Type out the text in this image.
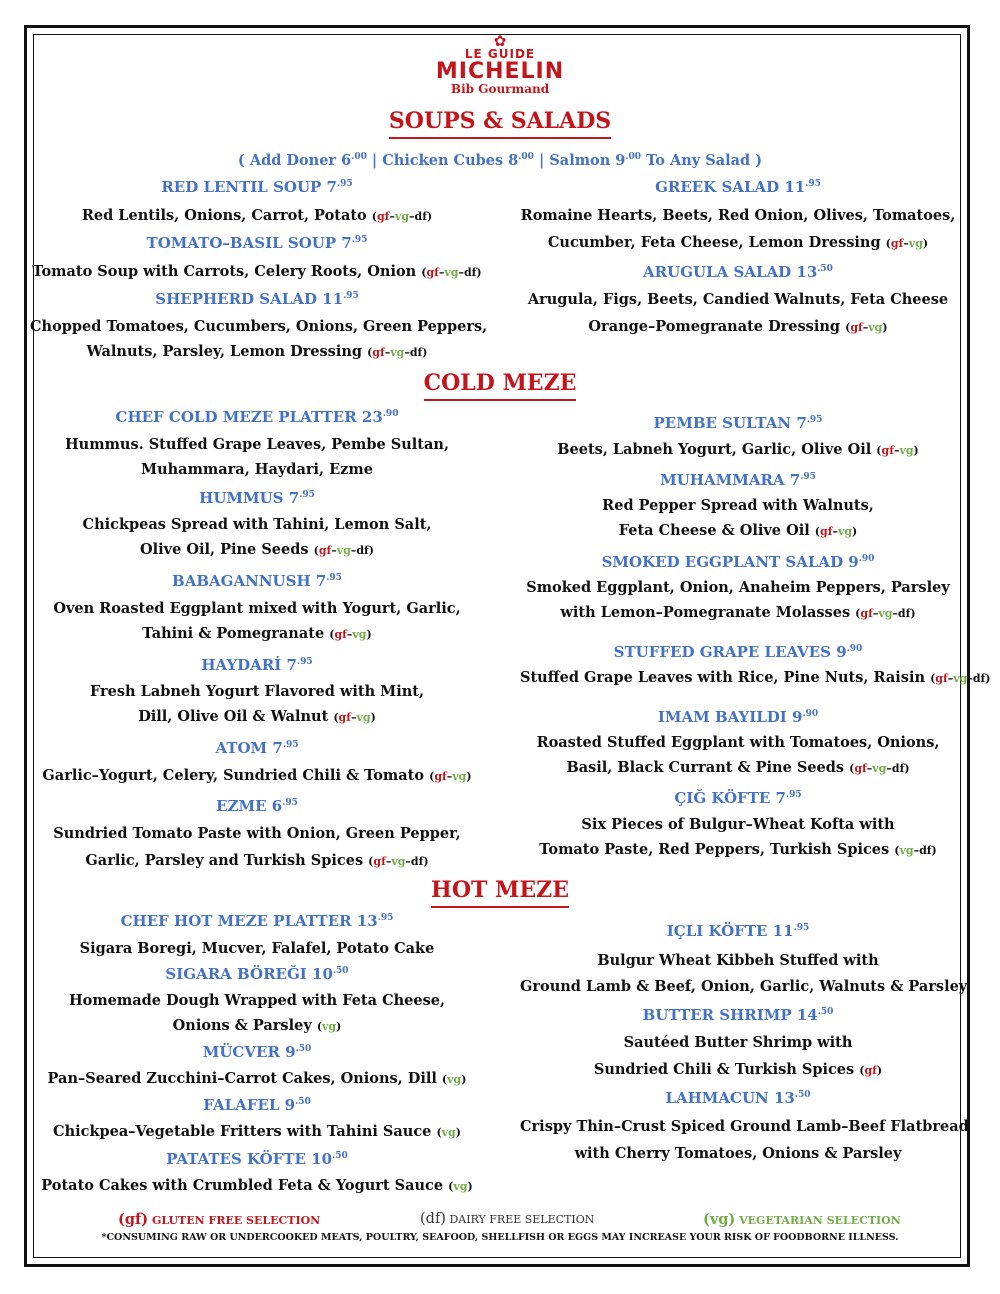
✿
LE GUIDE
MICHELIN
Bib Gourmand
SOUPS & SALADS
( Add Doner $6^{.00}$ | Chicken Cubes $8^{.00}$ | Salmon $9^{.00}$ To Any Salad )
COLD MEZE
HOT MEZE
RED LENTIL SOUP $7^{.95}$
Red Lentils, Onions, Carrot, Potato (gf–vg–df)
TOMATO–BASIL SOUP $7^{.95}$
Tomato Soup with Carrots, Celery Roots, Onion (gf–vg–df)
SHEPHERD SALAD $11^{.95}$
Chopped Tomatoes, Cucumbers, Onions, Green Peppers,
Walnuts, Parsley, Lemon Dressing (gf–vg–df)
GREEK SALAD $11^{.95}$
Romaine Hearts, Beets, Red Onion, Olives, Tomatoes,
Cucumber, Feta Cheese, Lemon Dressing (gf–vg)
ARUGULA SALAD $13^{.50}$
Arugula, Figs, Beets, Candied Walnuts, Feta Cheese
Orange–Pomegranate Dressing (gf–vg)
CHEF COLD MEZE PLATTER $23^{.90}$
Hummus. Stuffed Grape Leaves, Pembe Sultan,
Muhammara, Haydari, Ezme
HUMMUS $7^{.95}$
Chickpeas Spread with Tahini, Lemon Salt,
Olive Oil, Pine Seeds (gf–vg–df)
BABAGANNUSH $7^{.95}$
Oven Roasted Eggplant mixed with Yogurt, Garlic,
Tahini & Pomegranate (gf–vg)
HAYDARİ $7^{.95}$
Fresh Labneh Yogurt Flavored with Mint,
Dill, Olive Oil & Walnut (gf–vg)
ATOM $7^{.95}$
Garlic–Yogurt, Celery, Sundried Chili & Tomato (gf–vg)
EZME $6^{.95}$
Sundried Tomato Paste with Onion, Green Pepper,
Garlic, Parsley and Turkish Spices (gf–vg–df)
PEMBE SULTAN $7^{.95}$
Beets, Labneh Yogurt, Garlic, Olive Oil (gf–vg)
MUHAMMARA $7^{.95}$
Red Pepper Spread with Walnuts,
Feta Cheese & Olive Oil (gf–vg)
SMOKED EGGPLANT SALAD $9^{.90}$
Smoked Eggplant, Onion, Anaheim Peppers, Parsley
with Lemon–Pomegranate Molasses (gf–vg–df)
STUFFED GRAPE LEAVES $9^{.90}$
Stuffed Grape Leaves with Rice, Pine Nuts, Raisin (gf–vg–df)
IMAM BAYILDI $9^{.90}$
Roasted Stuffed Eggplant with Tomatoes, Onions,
Basil, Black Currant & Pine Seeds (gf–vg–df)
ÇIĞ KÖFTE $7^{.95}$
Six Pieces of Bulgur–Wheat Kofta with
Tomato Paste, Red Peppers, Turkish Spices (vg–df)
CHEF HOT MEZE PLATTER $13^{.95}$
Sigara Boregi, Mucver, Falafel, Potato Cake
SIGARA BÖREĞI $10^{.50}$
Homemade Dough Wrapped with Feta Cheese,
Onions & Parsley (vg)
MÜCVER $9^{.50}$
Pan–Seared Zucchini–Carrot Cakes, Onions, Dill (vg)
FALAFEL $9^{.50}$
Chickpea–Vegetable Fritters with Tahini Sauce (vg)
PATATES KÖFTE $10^{.50}$
Potato Cakes with Crumbled Feta & Yogurt Sauce (vg)
IÇLI KÖFTE $11^{.95}$
Bulgur Wheat Kibbeh Stuffed with
Ground Lamb & Beef, Onion, Garlic, Walnuts & Parsley
BUTTER SHRIMP $14^{.50}$
Sautéed Butter Shrimp with
Sundried Chili & Turkish Spices (gf)
LAHMACUN $13^{.50}$
Crispy Thin–Crust Spiced Ground Lamb–Beef Flatbread
with Cherry Tomatoes, Onions & Parsley
(gf) GLUTEN FREE SELECTION	(df) DAIRY FREE SELECTION	(vg) VEGETARIAN SELECTION
*CONSUMING RAW OR UNDERCOOKED MEATS, POULTRY, SEAFOOD, SHELLFISH OR EGGS MAY INCREASE YOUR RISK OF FOODBORNE ILLNESS.
